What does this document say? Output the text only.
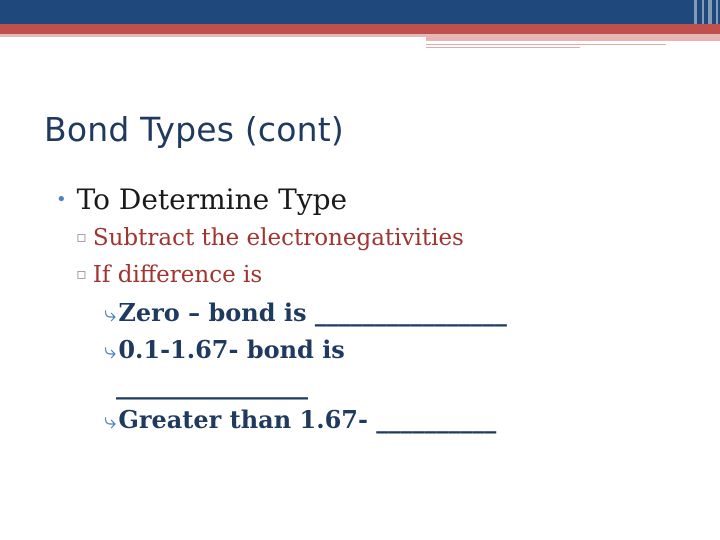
Bond Types (cont)
• To Determine Type
▫ Subtract the electronegativities
▫ If difference is
⤷Zero – bond is ________________
⤷0.1-1.67- bond is
________________
⤷Greater than 1.67- __________
